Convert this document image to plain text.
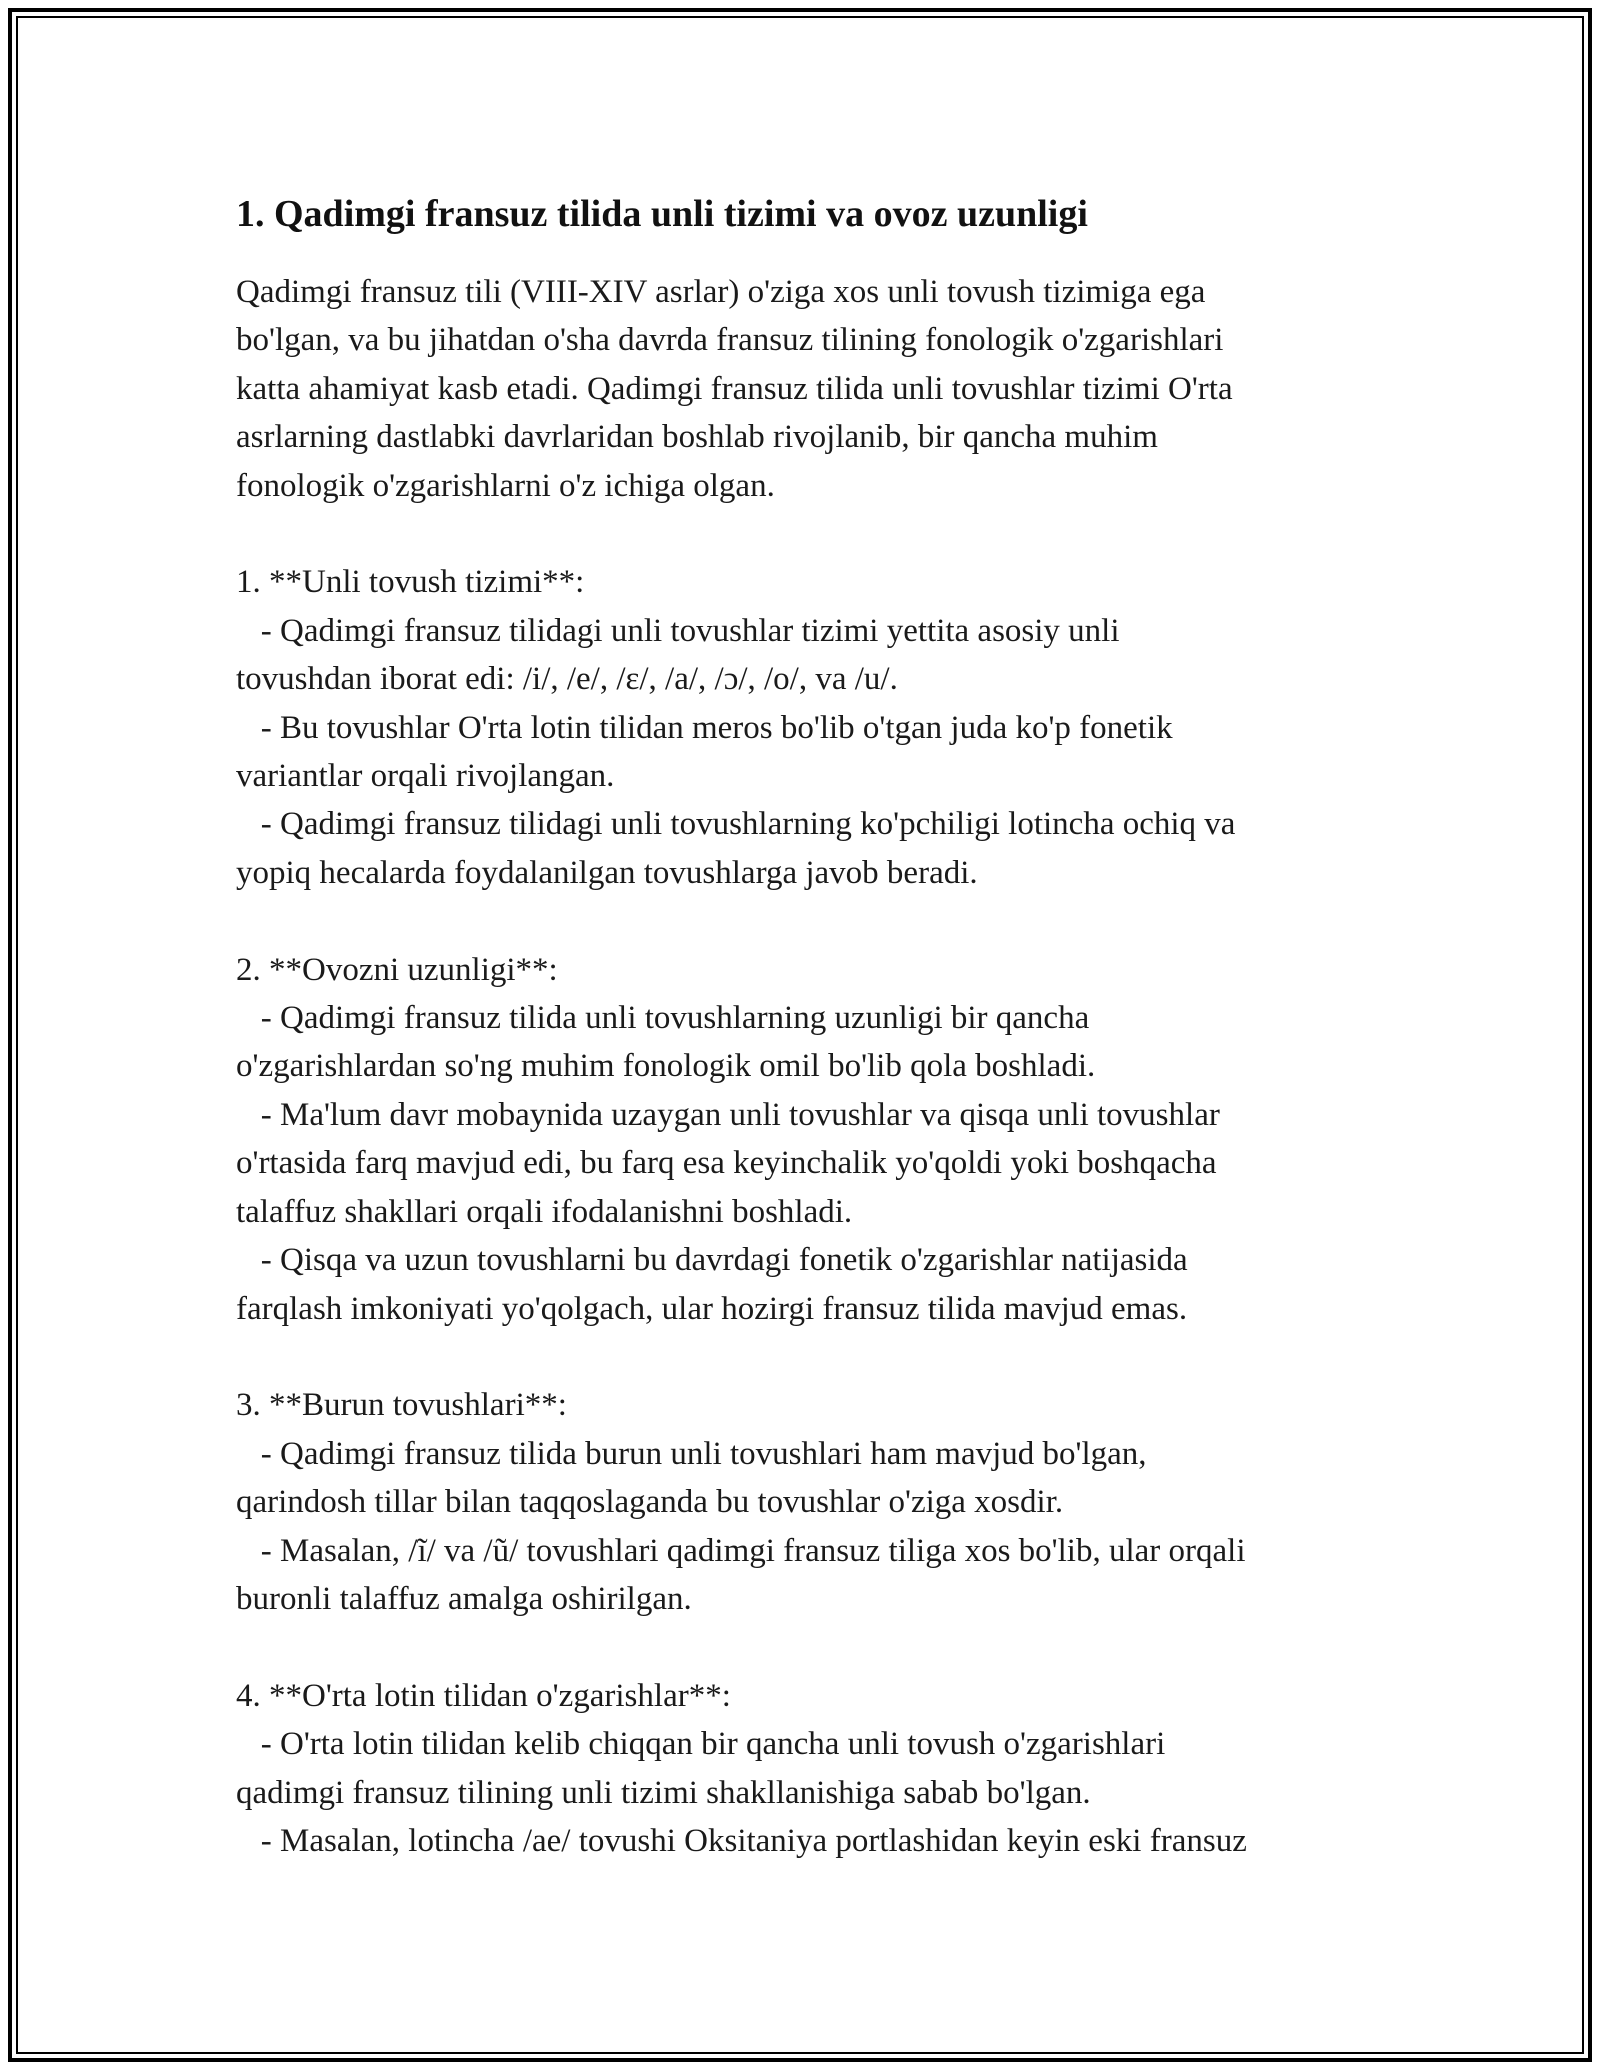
1. Qadimgi fransuz tilida unli tizimi va ovoz uzunligi
Qadimgi fransuz tili (VIII-XIV asrlar) o'ziga xos unli tovush tizimiga ega
bo'lgan, va bu jihatdan o'sha davrda fransuz tilining fonologik o'zgarishlari
katta ahamiyat kasb etadi. Qadimgi fransuz tilida unli tovushlar tizimi O'rta
asrlarning dastlabki davrlaridan boshlab rivojlanib, bir qancha muhim
fonologik o'zgarishlarni o'z ichiga olgan.
1. **Unli tovush tizimi**:
- Qadimgi fransuz tilidagi unli tovushlar tizimi yettita asosiy unli
tovushdan iborat edi: /i/, /e/, /ɛ/, /a/, /ɔ/, /o/, va /u/.
- Bu tovushlar O'rta lotin tilidan meros bo'lib o'tgan juda ko'p fonetik
variantlar orqali rivojlangan.
- Qadimgi fransuz tilidagi unli tovushlarning ko'pchiligi lotincha ochiq va
yopiq hecalarda foydalanilgan tovushlarga javob beradi.
2. **Ovozni uzunligi**:
- Qadimgi fransuz tilida unli tovushlarning uzunligi bir qancha
o'zgarishlardan so'ng muhim fonologik omil bo'lib qola boshladi.
- Ma'lum davr mobaynida uzaygan unli tovushlar va qisqa unli tovushlar
o'rtasida farq mavjud edi, bu farq esa keyinchalik yo'qoldi yoki boshqacha
talaffuz shakllari orqali ifodalanishni boshladi.
- Qisqa va uzun tovushlarni bu davrdagi fonetik o'zgarishlar natijasida
farqlash imkoniyati yo'qolgach, ular hozirgi fransuz tilida mavjud emas.
3. **Burun tovushlari**:
- Qadimgi fransuz tilida burun unli tovushlari ham mavjud bo'lgan,
qarindosh tillar bilan taqqoslaganda bu tovushlar o'ziga xosdir.
- Masalan, /ĩ/ va /ũ/ tovushlari qadimgi fransuz tiliga xos bo'lib, ular orqali
buronli talaffuz amalga oshirilgan.
4. **O'rta lotin tilidan o'zgarishlar**:
- O'rta lotin tilidan kelib chiqqan bir qancha unli tovush o'zgarishlari
qadimgi fransuz tilining unli tizimi shakllanishiga sabab bo'lgan.
- Masalan, lotincha /ae/ tovushi Oksitaniya portlashidan keyin eski fransuz
